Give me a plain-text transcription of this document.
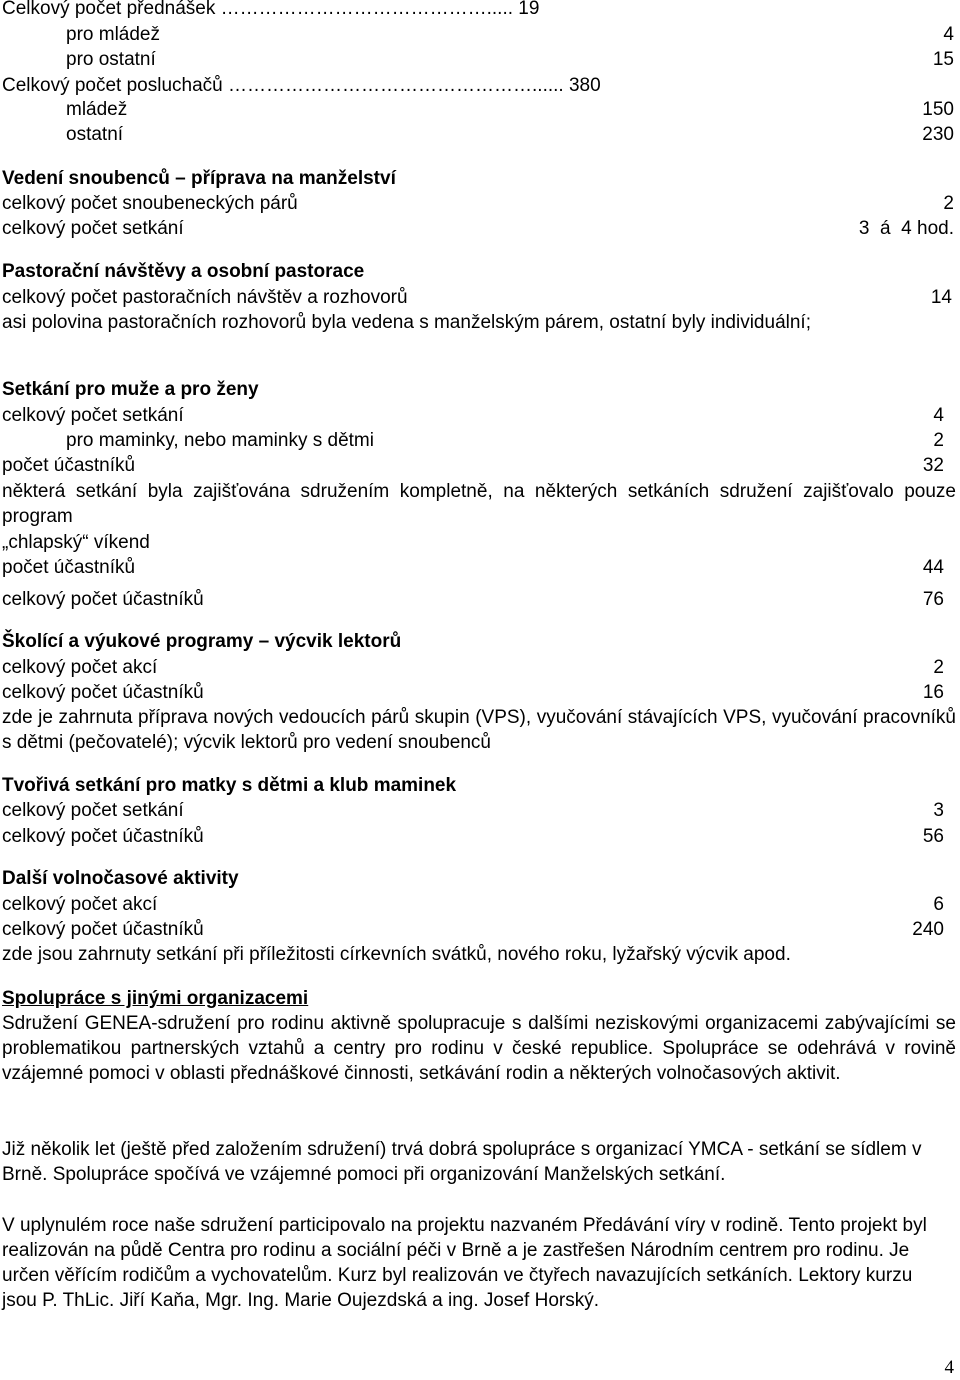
Celkový počet přednášek ……………………………………..... 19
pro mládež	4
pro ostatní	15
Celkový počet posluchačů …………………………………………...... 380
mládež	150
ostatní	230
Vedení snoubenců – příprava na manželství
celkový počet snoubeneckých párů	2
celkový počet setkání	3  á  4 hod.
Pastorační návštěvy a osobní pastorace
celkový počet pastoračních návštěv a rozhovorů	14
asi polovina pastoračních rozhovorů byla vedena s manželským párem, ostatní byly individuální;
Setkání pro muže a pro ženy
celkový počet setkání	4
pro maminky, nebo maminky s dětmi	2
počet účastníků	32
některá setkání byla zajišťována sdružením kompletně, na některých setkáních sdružení zajišťovalo pouze program
„chlapský“ víkend
počet účastníků	44
celkový počet účastníků	76
Školící a výukové programy – výcvik lektorů
celkový počet akcí	2
celkový počet účastníků	16
zde je zahrnuta příprava nových vedoucích párů skupin (VPS), vyučování stávajících VPS, vyučování pracovníků s dětmi (pečovatelé); výcvik lektorů pro vedení snoubenců
Tvořivá setkání pro matky s dětmi a klub maminek
celkový počet setkání	3
celkový počet účastníků	56
Další volnočasové aktivity
celkový počet akcí	6
celkový počet účastníků	240
zde jsou zahrnuty setkání při příležitosti církevních svátků, nového roku, lyžařský výcvik apod.
Spolupráce s jinými organizacemi
Sdružení GENEA-sdružení pro rodinu aktivně spolupracuje s dalšími neziskovými organizacemi zabývajícími se problematikou partnerských vztahů a centry pro rodinu v české republice. Spolupráce se odehrává v rovině vzájemné pomoci v oblasti přednáškové činnosti, setkávání rodin a některých volnočasových aktivit.
Již několik let (ještě před založením sdružení) trvá dobrá spolupráce s organizací YMCA - setkání se sídlem v Brně. Spolupráce spočívá ve vzájemné pomoci při organizování Manželských setkání.
V uplynulém roce naše sdružení participovalo na projektu nazvaném Předávání víry v rodině. Tento projekt byl realizován na půdě Centra pro rodinu a sociální péči v Brně a je zastřešen Národním centrem pro rodinu. Je určen věřícím rodičům a vychovatelům. Kurz byl realizován ve čtyřech navazujících setkáních. Lektory kurzu jsou P. ThLic. Jiří Kaňa, Mgr. Ing. Marie Oujezdská a ing. Josef Horský.
4
